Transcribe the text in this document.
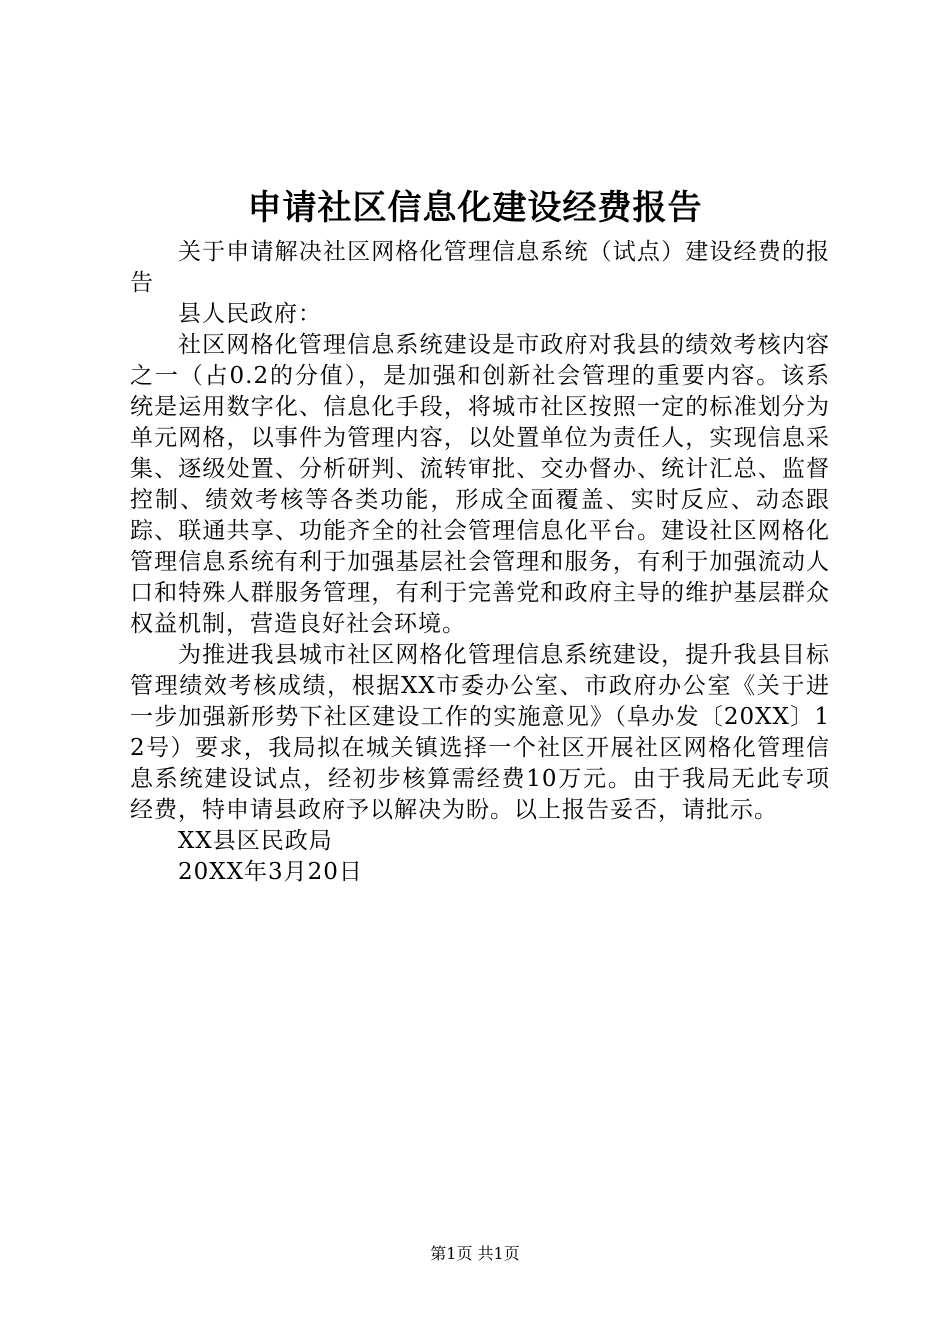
申请社区信息化建设经费报告

关于申请解决社区网格化管理信息系统（试点）建设经费的报告

县人民政府：

社区网格化管理信息系统建设是市政府对我县的绩效考核内容之一（占0.2的分值），是加强和创新社会管理的重要内容。该系统是运用数字化、信息化手段，将城市社区按照一定的标准划分为单元网格，以事件为管理内容，以处置单位为责任人，实现信息采集、逐级处置、分析研判、流转审批、交办督办、统计汇总、监督控制、绩效考核等各类功能，形成全面覆盖、实时反应、动态跟踪、联通共享、功能齐全的社会管理信息化平台。建设社区网格化管理信息系统有利于加强基层社会管理和服务，有利于加强流动人口和特殊人群服务管理，有利于完善党和政府主导的维护基层群众权益机制，营造良好社会环境。

为推进我县城市社区网格化管理信息系统建设，提升我县目标管理绩效考核成绩，根据XX市委办公室、市政府办公室《关于进一步加强新形势下社区建设工作的实施意见》（阜办发〔20XX〕12号）要求，我局拟在城关镇选择一个社区开展社区网格化管理信息系统建设试点，经初步核算需经费10万元。由于我局无此专项经费，特申请县政府予以解决为盼。以上报告妥否，请批示。

XX县区民政局

20XX年3月20日

第1页 共1页
